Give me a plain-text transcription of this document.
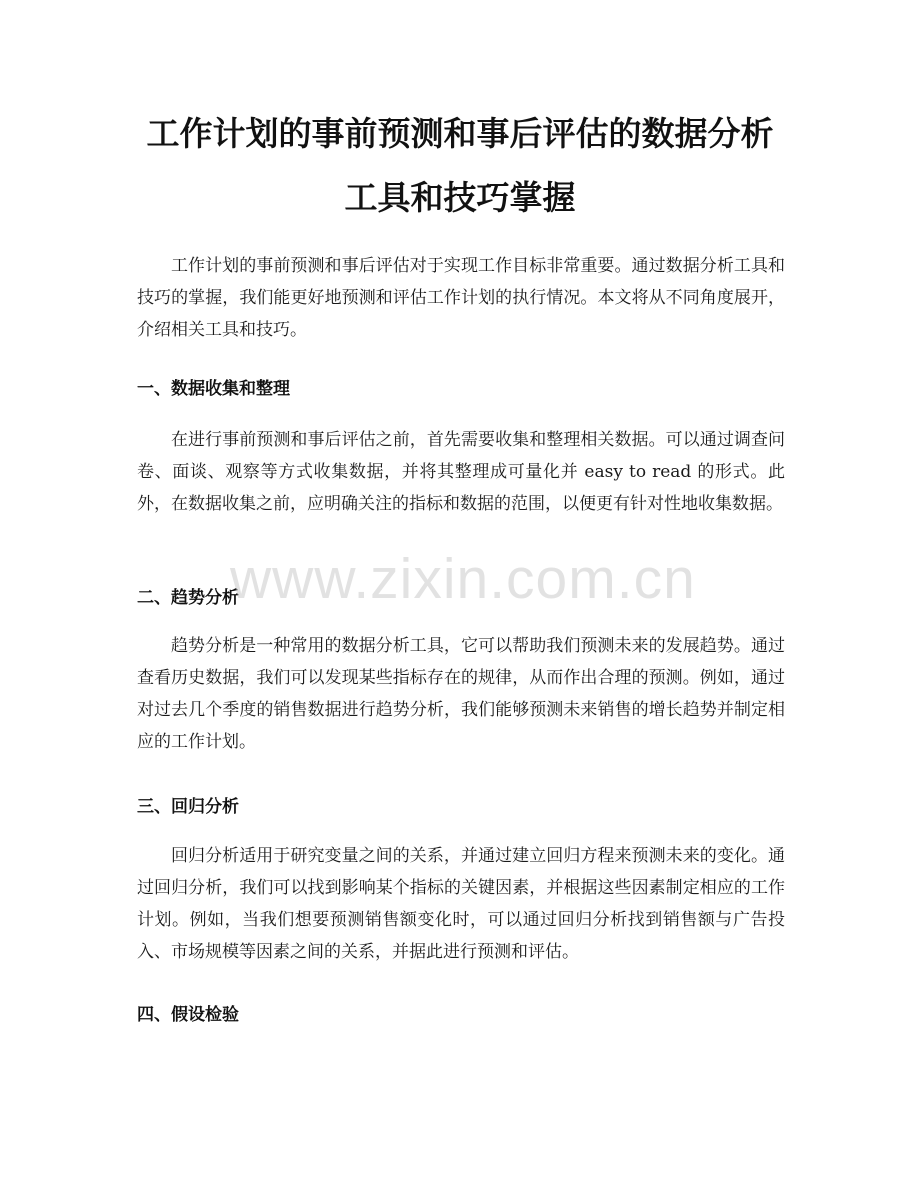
工作计划的事前预测和事后评估的数据分析
工具和技巧掌握

工作计划的事前预测和事后评估对于实现工作目标非常重要。通过数据分析工具和技巧的掌握，我们能更好地预测和评估工作计划的执行情况。本文将从不同角度展开，介绍相关工具和技巧。

一、数据收集和整理

在进行事前预测和事后评估之前，首先需要收集和整理相关数据。可以通过调查问卷、面谈、观察等方式收集数据，并将其整理成可量化并 easy to read 的形式。此外，在数据收集之前，应明确关注的指标和数据的范围，以便更有针对性地收集数据。

二、趋势分析

趋势分析是一种常用的数据分析工具，它可以帮助我们预测未来的发展趋势。通过查看历史数据，我们可以发现某些指标存在的规律，从而作出合理的预测。例如，通过对过去几个季度的销售数据进行趋势分析，我们能够预测未来销售的增长趋势并制定相应的工作计划。

三、回归分析

回归分析适用于研究变量之间的关系，并通过建立回归方程来预测未来的变化。通过回归分析，我们可以找到影响某个指标的关键因素，并根据这些因素制定相应的工作计划。例如，当我们想要预测销售额变化时，可以通过回归分析找到销售额与广告投入、市场规模等因素之间的关系，并据此进行预测和评估。

四、假设检验
www.zixin.com.cn
